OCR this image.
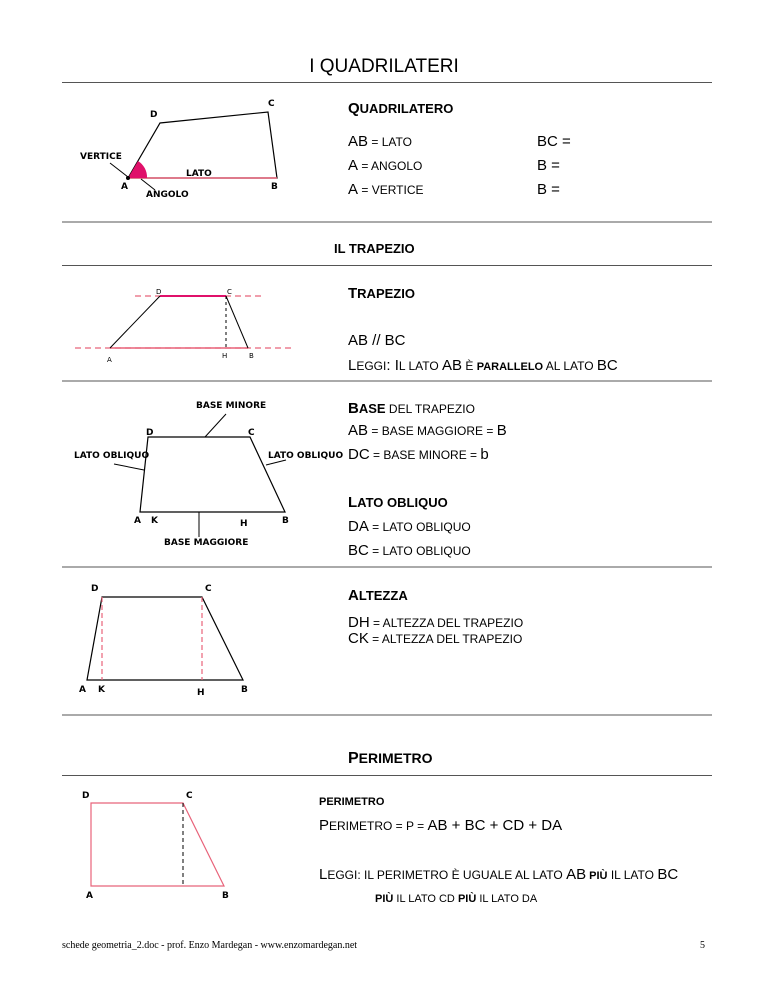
I QUADRILATERI
D
C
VERTICE
LATO
A	B
ANGOLO
QUADRILATERO
AB = LATO	BC =
A = ANGOLO	B =
A = VERTICE	B =
IL TRAPEZIO
D	C
A	H	B
TRAPEZIO
AB // BC
LEGGI: IL LATO AB È PARALLELO AL LATO BC
BASE MINORE
D	C
LATO OBLIQUO	LATO OBLIQUO
A K	H	B
BASE MAGGIORE
BASE DEL TRAPEZIO
AB = BASE MAGGIORE = B
DC = BASE MINORE = b
LATO OBLIQUO
DA = LATO OBLIQUO
BC = LATO OBLIQUO
D	C
A K	H	B
ALTEZZA
DH = ALTEZZA DEL TRAPEZIO
CK = ALTEZZA DEL TRAPEZIO
PERIMETRO
D	C
A	B
PERIMETRO
PERIMETRO = P = AB + BC + CD + DA
LEGGI: IL PERIMETRO È UGUALE AL LATO AB PIÙ IL LATO BC
PIÙ IL LATO CD PIÙ IL LATO DA
schede geometria_2.doc - prof. Enzo Mardegan - www.enzomardegan.net	5
